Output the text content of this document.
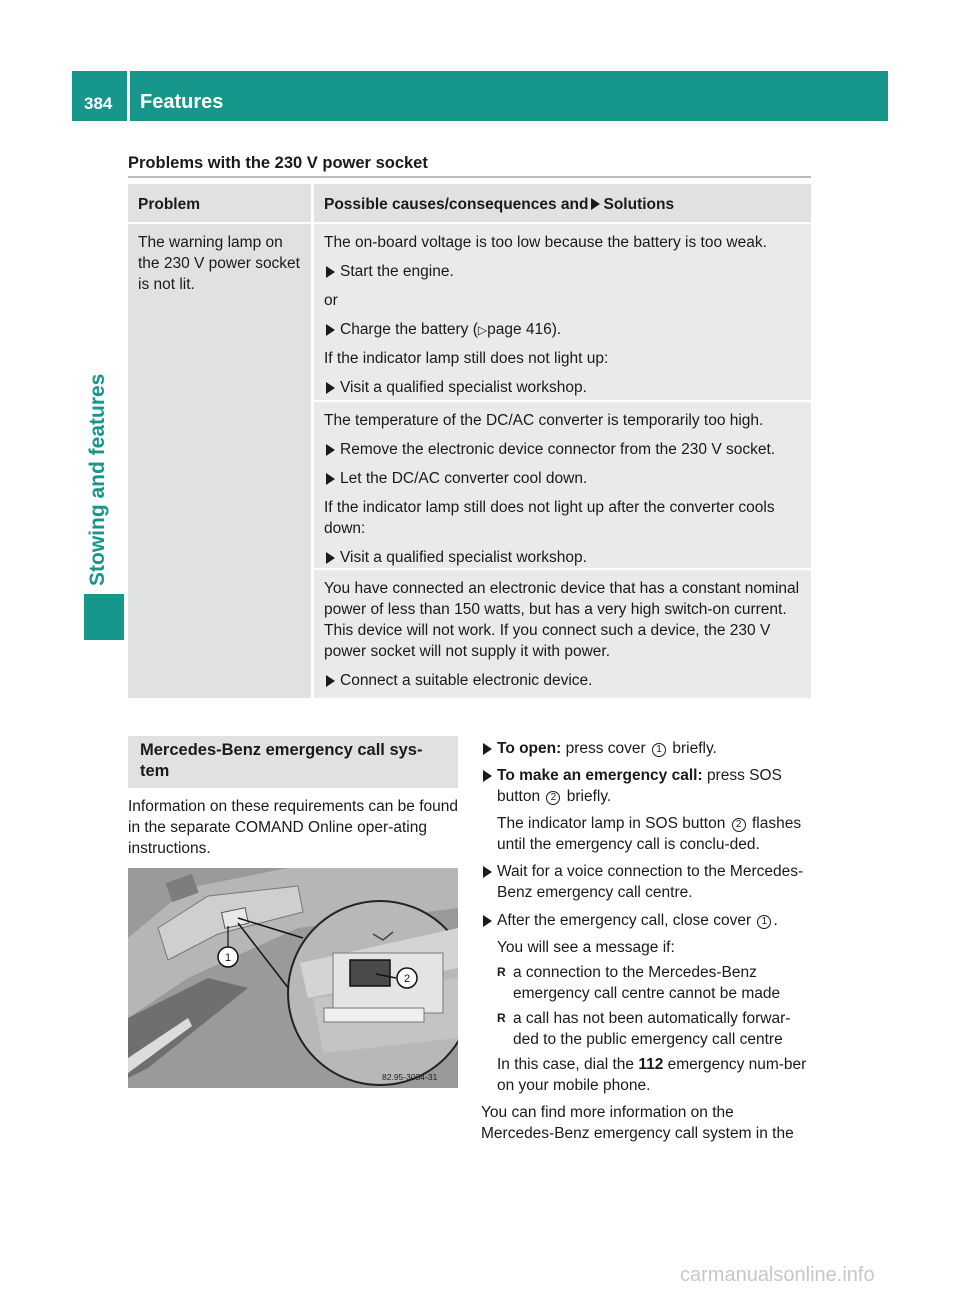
384 Features
Stowing and features
Problems with the 230 V power socket
Problem	Possible causes/consequences and Solutions

The warning lamp on the 230 V power socket is not lit.

The on-board voltage is too low because the battery is too weak.

Start the engine.

or

Charge the battery (▷page 416).

If the indicator lamp still does not light up:

Visit a qualified specialist workshop.

The temperature of the DC/AC converter is temporarily too high.

Remove the electronic device connector from the 230 V socket.
Let the DC/AC converter cool down.

If the indicator lamp still does not light up after the converter cools down:

Visit a qualified specialist workshop.

You have connected an electronic device that has a constant nominal power of less than 150 watts, but has a very high switch-on current. This device will not work. If you connect such a device, the 230 V power socket will not supply it with power.

Connect a suitable electronic device.
Mercedes-Benz emergency call sys-tem
Information on these requirements can be found in the separate COMAND Online oper-ating instructions.
1
2
82.95-3034-31
To open: press cover 1 briefly.
To make an emergency call: press SOS button 2 briefly.
The indicator lamp in SOS button 2 flashes until the emergency call is conclu-ded.
Wait for a voice connection to the Mercedes-Benz emergency call centre.
After the emergency call, close cover 1 .
You will see a message if:
R a connection to the Mercedes-Benz emergency call centre cannot be made
R a call has not been automatically forwar-ded to the public emergency call centre
In this case, dial the 112 emergency num-ber on your mobile phone.
You can find more information on the Mercedes-Benz emergency call system in the
carmanualsonline.info
